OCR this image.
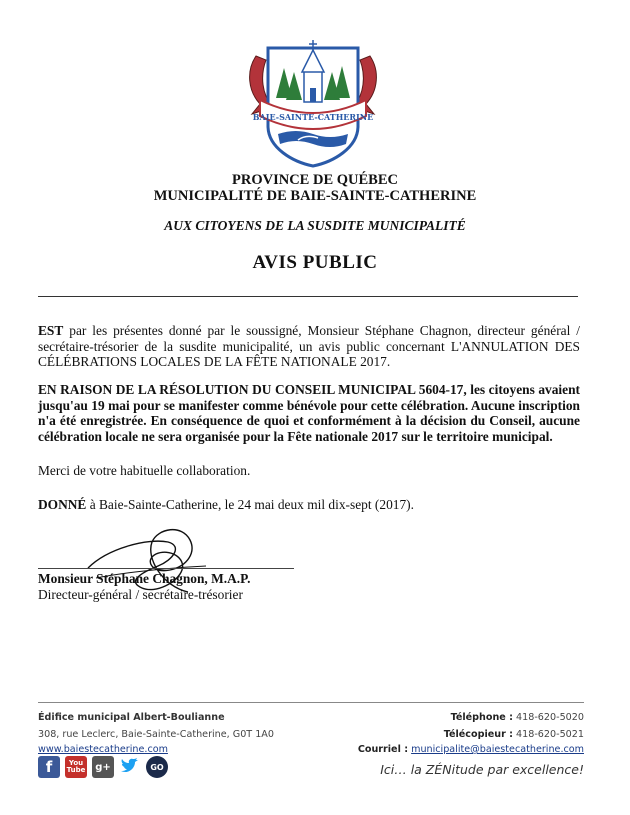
BAIE-SAINTE-CATHERINE
PROVINCE DE QUÉBEC
MUNICIPALITÉ DE BAIE-SAINTE-CATHERINE
AUX CITOYENS DE LA SUSDITE MUNICIPALITÉ
AVIS PUBLIC
EST par les présentes donné par le soussigné, Monsieur Stéphane Chagnon, directeur général / secrétaire-trésorier de la susdite municipalité, un avis public concernant L'ANNULATION DES CÉLÉBRATIONS LOCALES DE LA FÊTE NATIONALE 2017.
EN RAISON DE LA RÉSOLUTION DU CONSEIL MUNICIPAL 5604-17, les citoyens avaient jusqu'au 19 mai pour se manifester comme bénévole pour cette célébration. Aucune inscription n'a été enregistrée. En conséquence de quoi et conformément à la décision du Conseil, aucune célébration locale ne sera organisée pour la Fête nationale 2017 sur le territoire municipal.
Merci de votre habituelle collaboration.
DONNÉ à Baie-Sainte-Catherine, le 24 mai deux mil dix-sept (2017).
Monsieur Stéphane Chagnon, M.A.P.
Directeur-général / secrétaire-trésorier
Édifice municipal Albert-Boulianne
308, rue Leclerc, Baie-Sainte-Catherine, G0T 1A0
www.baiestecatherine.com
Téléphone : 418-620-5020
Télécopieur : 418-620-5021
Courriel : municipalite@baiestecatherine.com
f	You
Tube g+	GO	Ici… la ZÉNitude par excellence!
